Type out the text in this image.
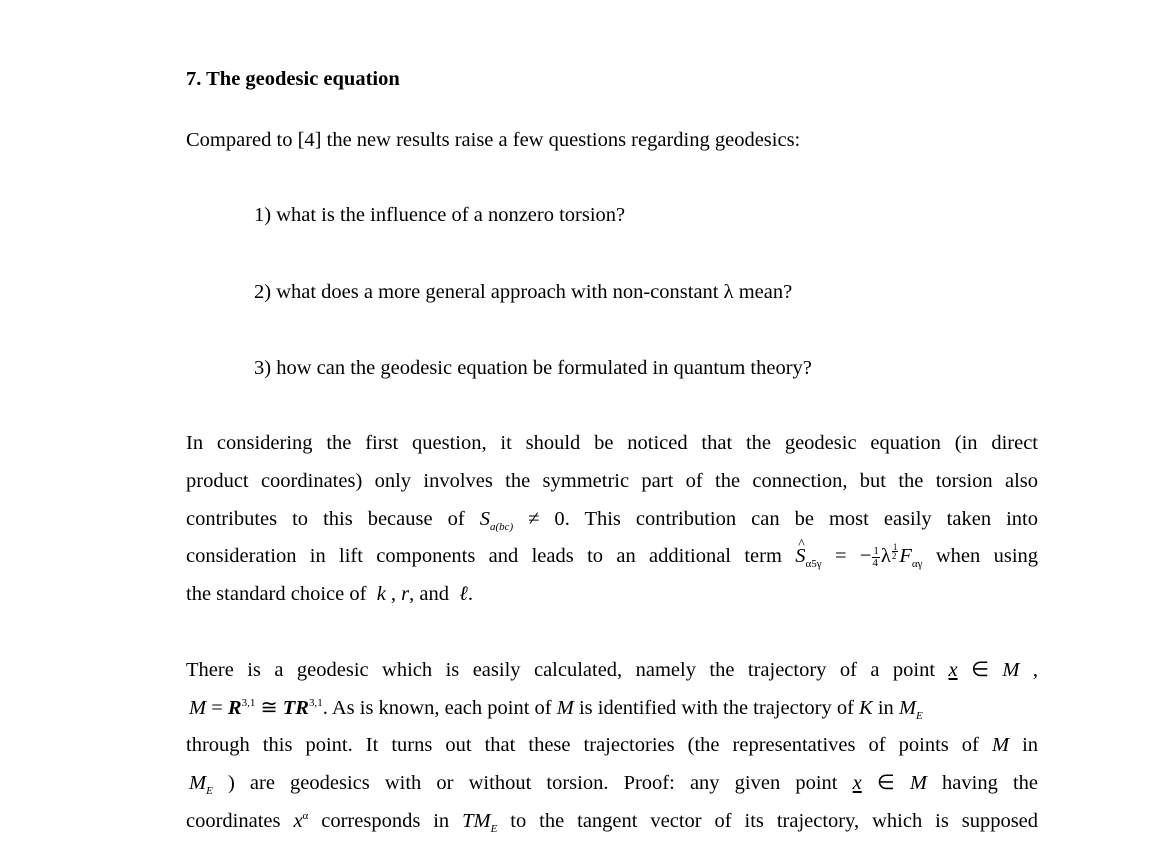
7. The geodesic equation
Compared to [4] the new results raise a few questions regarding geodesics:
1) what is the influence of a nonzero torsion?
2) what does a more general approach with non-constant λ mean?
3) how can the geodesic equation be formulated in quantum theory?
In considering the first question, it should be noticed that the geodesic equation (in direct
product coordinates) only involves the symmetric part of the connection, but the torsion also
contributes to this because of $S_{a(bc)} \ne 0$. This contribution can be most easily taken into
consideration in lift components and leads to an additional term ^ $S_{\alpha 5\gamma}$ = − $\frac{1}{4}$ λ $^{\frac{1}{2}}$ $F_{\alpha\gamma}$ when using
the standard choice of  k , r, and ℓ.
There is a geodesic which is easily calculated, namely the trajectory of a point x ∈ M ,
M = R$^{3,1}$ ≅ TR$^{3,1}$. As is known, each point of M is identified with the trajectory of K in $M_E$
through this point. It turns out that these trajectories (the representatives of points of M in
$M_E$ ) are geodesics with or without torsion. Proof: any given point x ∈ M having the
coordinates $x^\alpha$ corresponds in $TM_E$ to the tangent vector of its trajectory, which is supposed
